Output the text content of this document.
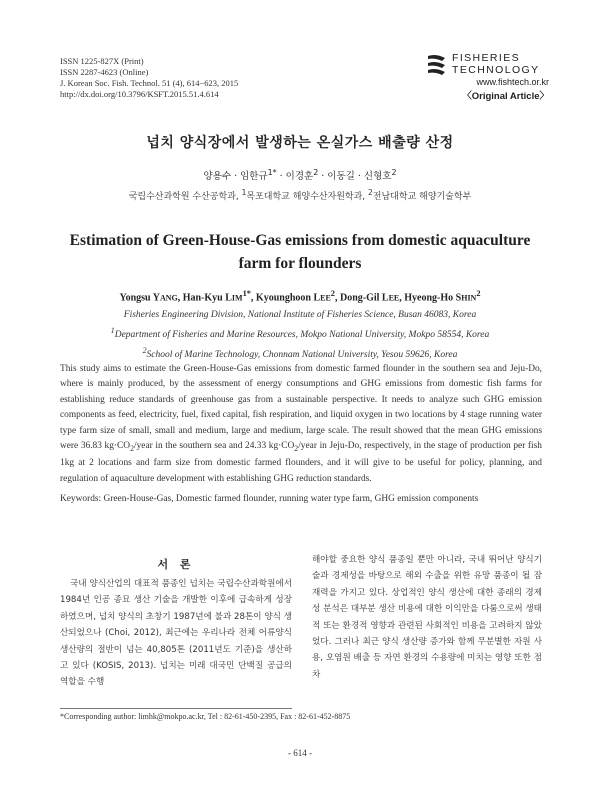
ISSN 1225-827X (Print)
ISSN 2287-4623 (Online)
J. Korean Soc. Fish. Technol. 51 (4), 614−623, 2015
http://dx.doi.org/10.3796/KSFT.2015.51.4.614
FISHERIES
TECHNOLOGY
www.fishtech.or.kr
〈Original Article〉
넙치 양식장에서 발생하는 온실가스 배출량 산정
양용수 · 임한규$^{1*}$ · 이경훈$^2$ · 이동길 · 신형호$^2$
국립수산과학원 수산공학과, $^1$목포대학교 해양수산자원학과, $^2$전남대학교 해양기술학부
Estimation of Green-House-Gas emissions from domestic aquaculture farm for flounders
Yongsu YANG, Han-Kyu $LIM^{1*}$, Kyounghoon LEE$^2$, Dong-Gil LEE, Hyeong-Ho SHIN$^2$
Fisheries Engineering Division, National Institute of Fisheries Science, Busan 46083, Korea
$^1$Department of Fisheries and Marine Resources, Mokpo National University, Mokpo 58554, Korea
$^2$School of Marine Technology, Chonnam National University, Yesou 59626, Korea
This study aims to estimate the Green-House-Gas emissions from domestic farmed flounder in the southern sea and Jeju-Do, where is mainly produced, by the assessment of energy consumptions and GHG emissions from domestic fish farms for establishing reduce standards of greenhouse gas from a sustainable perspective. It needs to analyze such GHG emission components as feed, electricity, fuel, fixed capital, fish respiration, and liquid oxygen in two locations by 4 stage running water type farm size of small, small and medium, large and medium, large scale. The result showed that the mean GHG emissions were 36.83 $kg\cdot CO_2$/year in the southern sea and 24.33 $kg\cdot CO_2$/year in Jeju-Do, respectively, in the stage of production per fish 1kg at 2 locations and farm size from domestic farmed flounders, and it will give to be useful for policy, planning, and regulation of aquaculture development with establishing GHG reduction standards.
Keywords: Green-House-Gas, Domestic farmed flounder, running water type farm, GHG emission components
서 론
국내 양식산업의 대표적 품종인 넙치는 국립수산과학원에서 1984년 인공 종묘 생산 기술을 개발한 이후에 급속하게 성장하였으며, 넙치 양식의 초창기 1987년에 불과 28톤이 양식 생산되었으나 (Choi, 2012), 최근에는 우리나라 전체 어류양식 생산량의 절반이 넘는 40,805톤 (2011년도 기준)을 생산하고 있다 (KOSIS, 2013). 넙치는 미래 대국민 단백질 공급의 역할을 수행
해야할 중요한 양식 품종일 뿐만 아니라, 국내 뛰어난 양식기술과 경제성을 바탕으로 해외 수출을 위한 유망 품종이 될 잠재력을 가지고 있다. 상업적인 양식 생산에 대한 종래의 경제성 분석은 대부분 생산 비용에 대한 이익만을 다룸으로써 생태적 또는 환경적 영향과 관련된 사회적인 비용을 고려하지 않았었다. 그러나 최근 양식 생산량 증가와 함께 무분별한 자원 사용, 오염원 배출 등 자연 환경의 수용량에 미치는 영향 또한 점차
*Corresponding author: limhk@mokpo.ac.kr, Tel : 82-61-450-2395, Fax : 82-61-452-8875
- 614 -
